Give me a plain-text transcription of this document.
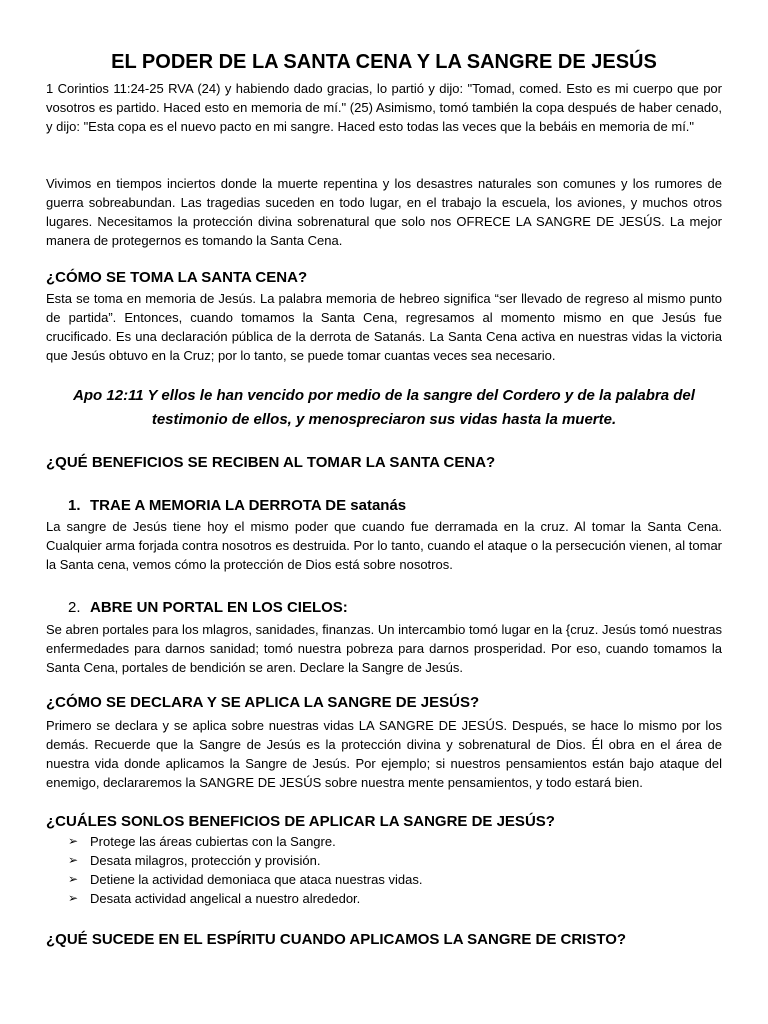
EL PODER DE LA SANTA CENA Y LA SANGRE DE JESÚS

1 Corintios 11:24-25 RVA (24) y habiendo dado gracias, lo partió y dijo: "Tomad, comed. Esto es mi cuerpo que por vosotros es partido. Haced esto en memoria de mí." (25) Asimismo, tomó también la copa después de haber cenado, y dijo: "Esta copa es el nuevo pacto en mi sangre. Haced esto todas las veces que la bebáis en memoria de mí."

Vivimos en tiempos inciertos donde la muerte repentina y los desastres naturales son comunes y los rumores de guerra sobreabundan. Las tragedias suceden en todo lugar, en el trabajo la escuela, los aviones, y muchos otros lugares. Necesitamos la protección divina sobrenatural que solo nos OFRECE LA SANGRE DE JESÚS. La mejor manera de protegernos es tomando la Santa Cena.

¿CÓMO SE TOMA LA SANTA CENA?

Esta se toma en memoria de Jesús. La palabra memoria de hebreo significa “ser llevado de regreso al mismo punto de partida”. Entonces, cuando tomamos la Santa Cena, regresamos al momento mismo en que Jesús fue crucificado. Es una declaración pública de la derrota de Satanás. La Santa Cena activa en nuestras vidas la victoria que Jesús obtuvo en la Cruz; por lo tanto, se puede tomar cuantas veces sea necesario.

Apo 12:11 Y ellos le han vencido por medio de la sangre del Cordero y de la palabra del
testimonio de ellos, y menospreciaron sus vidas hasta la muerte.

¿QUÉ BENEFICIOS SE RECIBEN AL TOMAR LA SANTA CENA?
1. TRAE A MEMORIA LA DERROTA DE satanás

La sangre de Jesús tiene hoy el mismo poder que cuando fue derramada en la cruz. Al tomar la Santa Cena. Cualquier arma forjada contra nosotros es destruida. Por lo tanto, cuando el ataque o la persecución vienen, al tomar la Santa cena, vemos cómo la protección de Dios está sobre nosotros.

2. ABRE UN PORTAL EN LOS CIELOS:

Se abren portales para los mlagros, sanidades, finanzas. Un intercambio tomó lugar en la {cruz. Jesús tomó nuestras enfermedades para darnos sanidad; tomó nuestra pobreza para darnos prosperidad. Por eso, cuando tomamos la Santa Cena, portales de bendición se aren. Declare la Sangre de Jesús.

¿CÓMO SE DECLARA Y SE APLICA LA SANGRE DE JESÚS?

Primero se declara y se aplica sobre nuestras vidas LA SANGRE DE JESÚS. Después, se hace lo mismo por los demás. Recuerde que la Sangre de Jesús es la protección divina y sobrenatural de Dios. Él obra en el área de nuestra vida donde aplicamos la Sangre de Jesús. Por ejemplo; si nuestros pensamientos están bajo ataque del enemigo, declararemos la SANGRE DE JESÚS sobre nuestra mente pensamientos, y todo estará bien.

¿CUÁLES SONLOS BENEFICIOS DE APLICAR LA SANGRE DE JESÚS?
➢ Protege las áreas cubiertas con la Sangre.
➢ Desata milagros, protección y provisión.
➢ Detiene la actividad demoniaca que ataca nuestras vidas.
➢ Desata actividad angelical a nuestro alrededor.
¿QUÉ SUCEDE EN EL ESPÍRITU CUANDO APLICAMOS LA SANGRE DE CRISTO?
